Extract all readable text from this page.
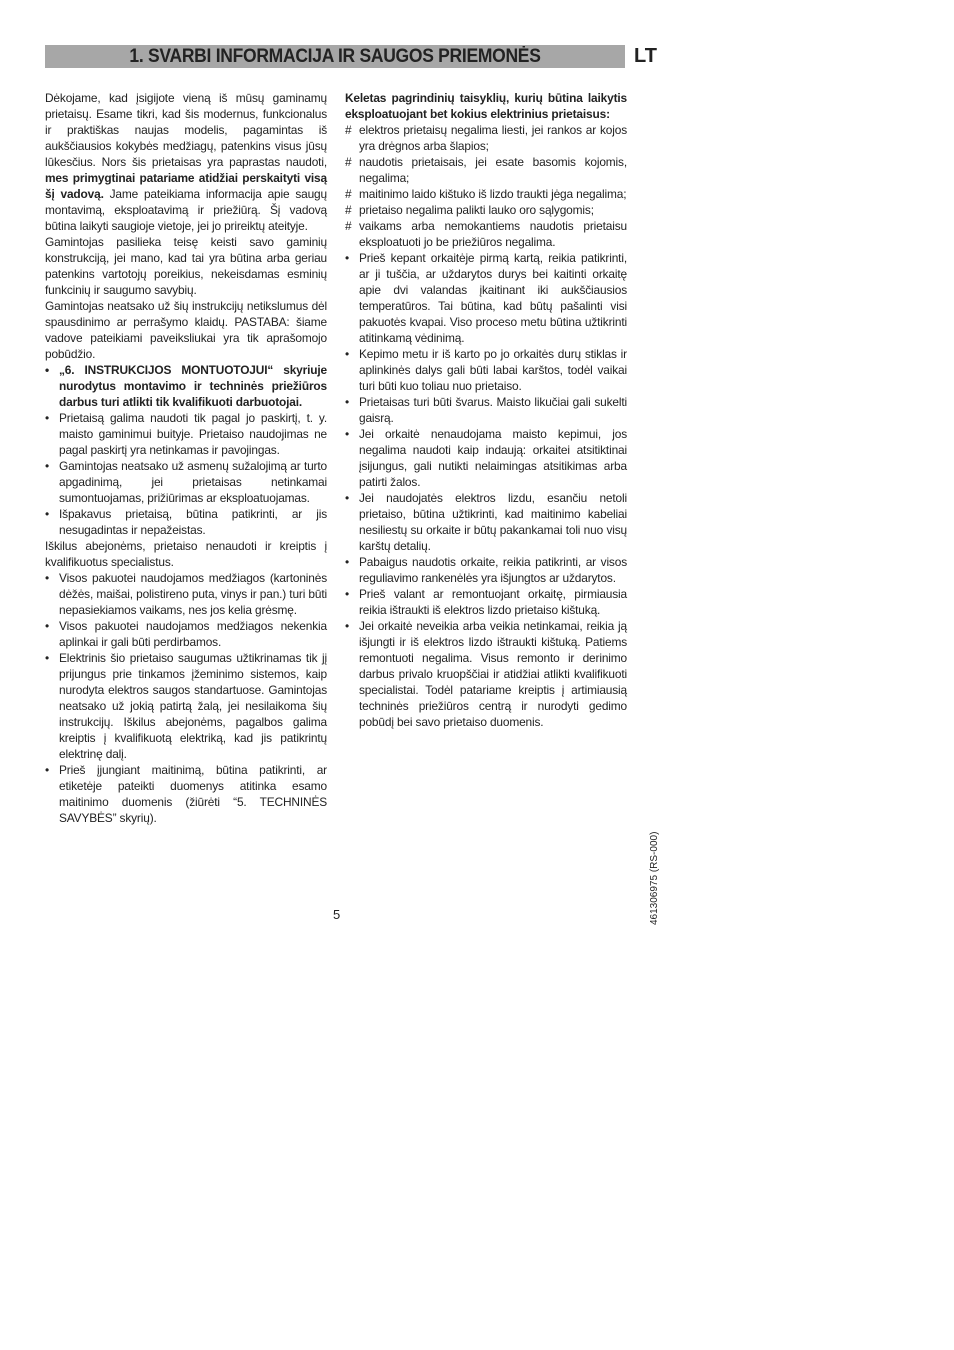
1. SVARBI INFORMACIJA IR SAUGOS PRIEMONĖS	LT

Dėkojame, kad įsigijote vieną iš mūsų gaminamų prietaisų. Esame tikri, kad šis modernus, funkcionalus ir praktiškas naujas modelis, pagamintas iš aukščiausios kokybės medžiagų, patenkins visus jūsų lūkesčius. Nors šis prietaisas yra paprastas naudoti, mes primygtinai patariame atidžiai perskaityti visą šį vadovą. Jame pateikiama informacija apie saugų montavimą, eksploatavimą ir priežiūrą. Šį vadovą būtina laikyti saugioje vietoje, jei jo prireiktų ateityje.

Gamintojas pasilieka teisę keisti savo gaminių konstrukciją, jei mano, kad tai yra būtina arba geriau patenkins vartotojų poreikius, nekeisdamas esminių funkcinių ir saugumo savybių.

Gamintojas neatsako už šių instrukcijų netikslumus dėl spausdinimo ar perrašymo klaidų. PASTABA: šiame vadove pateikiami paveiksliukai yra tik aprašomojo pobūdžio.

• „6. INSTRUKCIJOS MONTUOTOJUI“ skyriuje nurodytus montavimo ir techninės priežiūros darbus turi atlikti tik kvalifikuoti darbuotojai.
• Prietaisą galima naudoti tik pagal jo paskirtį, t. y. maisto gaminimui buityje. Prietaiso naudojimas ne pagal paskirtį yra netinkamas ir pavojingas.
• Gamintojas neatsako už asmenų sužalojimą ar turto apgadinimą, jei prietaisas netinkamai sumontuojamas, prižiūrimas ar eksploatuojamas.
• Išpakavus prietaisą, būtina patikrinti, ar jis nesugadintas ir nepažeistas.

Iškilus abejonėms, prietaiso nenaudoti ir kreiptis į kvalifikuotus specialistus.

• Visos pakuotei naudojamos medžiagos (kartoninės dėžės, maišai, polistireno puta, vinys ir pan.) turi būti nepasiekiamos vaikams, nes jos kelia grėsmę.
• Visos pakuotei naudojamos medžiagos nekenkia aplinkai ir gali būti perdirbamos.
• Elektrinis šio prietaiso saugumas užtikrinamas tik jį prijungus prie tinkamos įžeminimo sistemos, kaip nurodyta elektros saugos standartuose. Gamintojas neatsako už jokią patirtą žalą, jei nesilaikoma šių instrukcijų. Iškilus abejonėms, pagalbos galima kreiptis į kvalifikuotą elektriką, kad jis patikrintų elektrinę dalį.
• Prieš įjungiant maitinimą, būtina patikrinti, ar etiketėje pateikti duomenys atitinka esamo maitinimo duomenis (žiūrėti “5. TECHNINĖS SAVYBĖS” skyrių).

Keletas pagrindinių taisyklių, kurių būtina laikytis eksploatuojant bet kokius elektrinius prietaisus:

# elektros prietaisų negalima liesti, jei rankos ar kojos yra drėgnos arba šlapios;
# naudotis prietaisais, jei esate basomis kojomis, negalima;
# maitinimo laido kištuko iš lizdo traukti jėga negalima;
# prietaiso negalima palikti lauko oro sąlygomis;
# vaikams arba nemokantiems naudotis prietaisu eksploatuoti jo be priežiūros negalima.
• Prieš kepant orkaitėje pirmą kartą, reikia patikrinti, ar ji tuščia, ar uždarytos durys bei kaitinti orkaitę apie dvi valandas įkaitinant iki aukščiausios temperatūros. Tai būtina, kad būtų pašalinti visi pakuotės kvapai. Viso proceso metu būtina užtikrinti atitinkamą vėdinimą.
• Kepimo metu ir iš karto po jo orkaitės durų stiklas ir aplinkinės dalys gali būti labai karštos, todėl vaikai turi būti kuo toliau nuo prietaiso.
• Prietaisas turi būti švarus. Maisto likučiai gali sukelti gaisrą.
• Jei orkaitė nenaudojama maisto kepimui, jos negalima naudoti kaip indaują: orkaitei atsitiktinai įsijungus, gali nutikti nelaimingas atsitikimas arba patirti žalos.
• Jei naudojatės elektros lizdu, esančiu netoli prietaiso, būtina užtikrinti, kad maitinimo kabeliai nesiliestų su orkaite ir būtų pakankamai toli nuo visų karštų detalių.
• Pabaigus naudotis orkaite, reikia patikrinti, ar visos reguliavimo rankenėlės yra išjungtos ar uždarytos.
• Prieš valant ar remontuojant orkaitę, pirmiausia reikia ištraukti iš elektros lizdo prietaiso kištuką.
• Jei orkaitė neveikia arba veikia netinkamai, reikia ją išjungti ir iš elektros lizdo ištraukti kištuką. Patiems remontuoti negalima. Visus remonto ir derinimo darbus privalo kruopščiai ir atidžiai atlikti kvalifikuoti specialistai. Todėl patariame kreiptis į artimiausią techninės priežiūros centrą ir nurodyti gedimo pobūdį bei savo prietaiso duomenis.
5	461306975 (RS-000)
